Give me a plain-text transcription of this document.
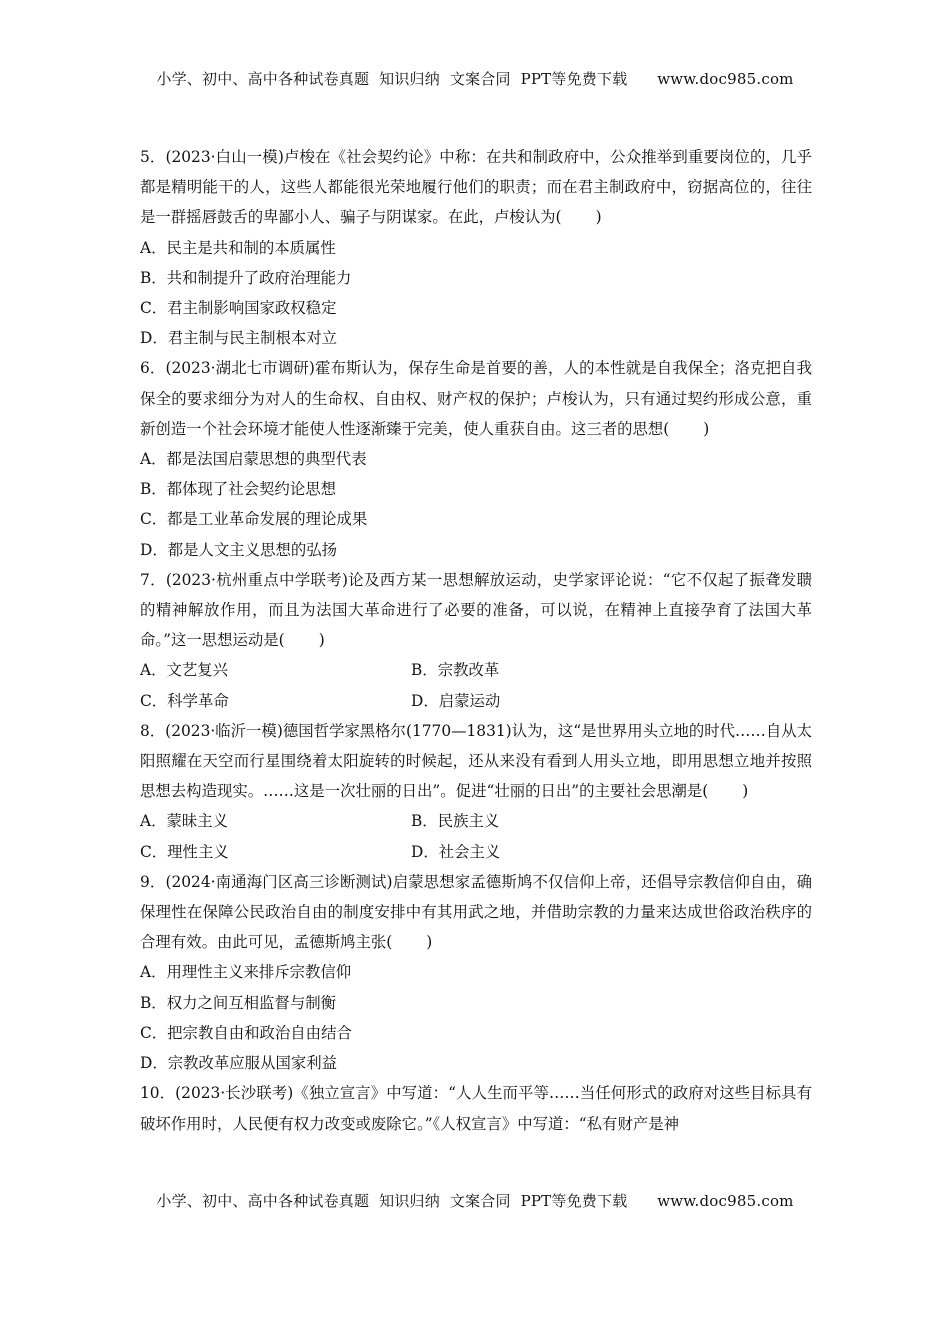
小学、初中、高中各种试卷真题  知识归纳  文案合同  PPT等免费下载      www.doc985.com

5．(2023·白山一模)卢梭在《社会契约论》中称：在共和制政府中，公众推举到重要岗位的，几乎都是精明能干的人，这些人都能很光荣地履行他们的职责；而在君主制政府中，窃据高位的，往往是一群摇唇鼓舌的卑鄙小人、骗子与阴谋家。在此，卢梭认为( )

A．民主是共和制的本质属性

B．共和制提升了政府治理能力

C．君主制影响国家政权稳定

D．君主制与民主制根本对立

6．(2023·湖北七市调研)霍布斯认为，保存生命是首要的善，人的本性就是自我保全；洛克把自我保全的要求细分为对人的生命权、自由权、财产权的保护；卢梭认为，只有通过契约形成公意，重新创造一个社会环境才能使人性逐渐臻于完美，使人重获自由。这三者的思想( )

A．都是法国启蒙思想的典型代表

B．都体现了社会契约论思想

C．都是工业革命发展的理论成果

D．都是人文主义思想的弘扬

7．(2023·杭州重点中学联考)论及西方某一思想解放运动，史学家评论说：“它不仅起了振聋发聩的精神解放作用，而且为法国大革命进行了必要的准备，可以说，在精神上直接孕育了法国大革命。”这一思想运动是( )

A．文艺复兴	B．宗教改革

C．科学革命	D．启蒙运动

8．(2023·临沂一模)德国哲学家黑格尔(1770—1831)认为，这“是世界用头立地的时代……自从太阳照耀在天空而行星围绕着太阳旋转的时候起，还从来没有看到人用头立地，即用思想立地并按照思想去构造现实。……这是一次壮丽的日出”。促进“壮丽的日出”的主要社会思潮是( )

A．蒙昧主义	B．民族主义

C．理性主义	D．社会主义

9．(2024·南通海门区高三诊断测试)启蒙思想家孟德斯鸠不仅信仰上帝，还倡导宗教信仰自由，确保理性在保障公民政治自由的制度安排中有其用武之地，并借助宗教的力量来达成世俗政治秩序的合理有效。由此可见，孟德斯鸠主张( )

A．用理性主义来排斥宗教信仰

B．权力之间互相监督与制衡

C．把宗教自由和政治自由结合

D．宗教改革应服从国家利益

10．(2023·长沙联考)《独立宣言》中写道：“人人生而平等……当任何形式的政府对这些目标具有破坏作用时，人民便有权力改变或废除它。”《人权宣言》中写道：“私有财产是神

小学、初中、高中各种试卷真题  知识归纳  文案合同  PPT等免费下载      www.doc985.com
